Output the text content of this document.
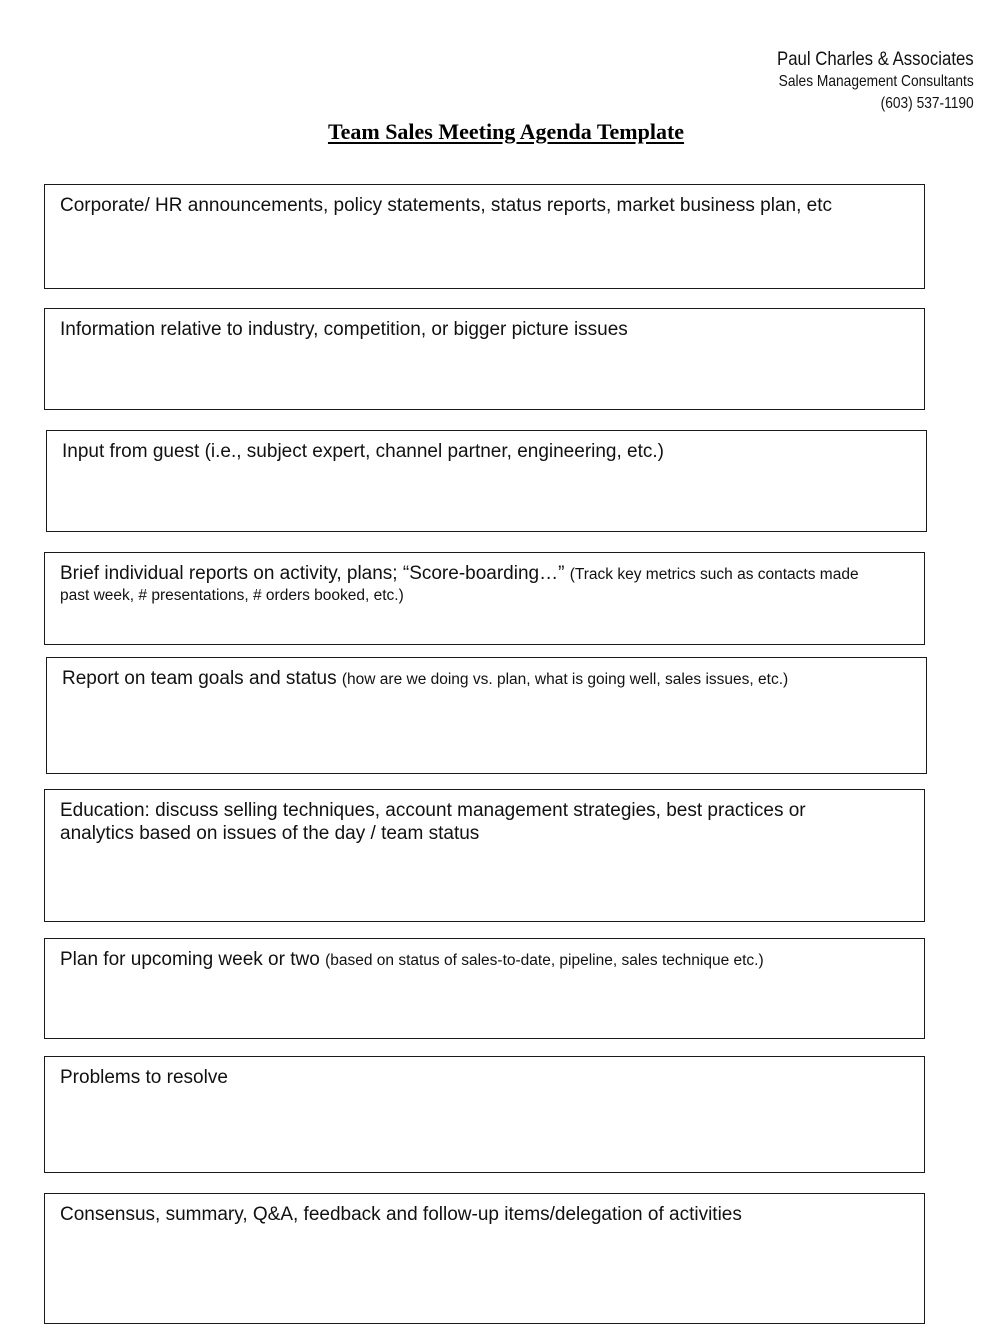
Paul Charles & Associates
Sales Management Consultants
(603) 537-1190
Team Sales Meeting Agenda Template
Corporate/ HR announcements, policy statements, status reports, market business plan, etc
Information relative to industry, competition, or bigger picture issues
Input from guest (i.e., subject expert, channel partner, engineering, etc.)
Brief individual reports on activity, plans; “Score-boarding…” (Track key metrics such as contacts made
past week, # presentations, # orders booked, etc.)
Report on team goals and status (how are we doing vs. plan, what is going well, sales issues, etc.)
Education: discuss selling techniques, account management strategies, best practices or analytics based on issues of the day / team status
Plan for upcoming week or two (based on status of sales-to-date, pipeline, sales technique etc.)
Problems to resolve
Consensus, summary, Q&A, feedback and follow-up items/delegation of activities
